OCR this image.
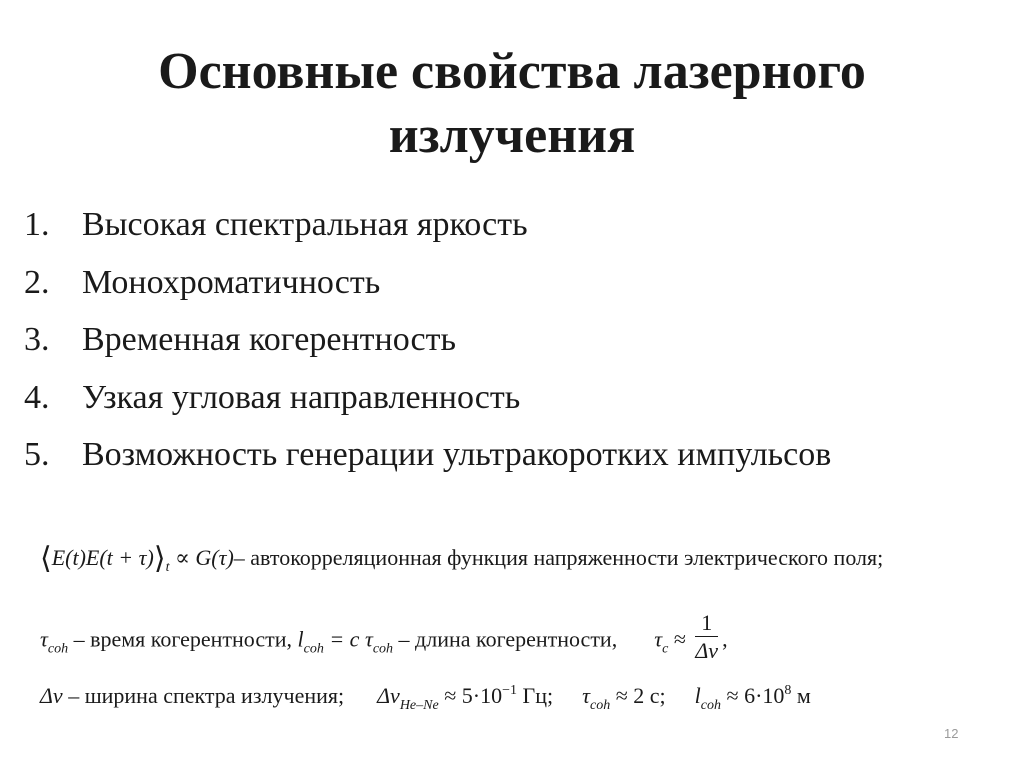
Основные свойства лазерного излучения
1. Высокая спектральная яркость
2. Монохроматичность
3. Временная когерентность
4. Узкая угловая направленность
5. Возможность генерации ультракоротких импульсов
⟨E(t)E(t + $\tau)⟩_t \propto G(\tau)-$ автокорреляционная функция напряженности электрического поля;
$\tau_{coh}$ – время когерентности, $l_{coh} = c$ $\tau_{coh}$ – длина когерентности, $\tau_c \approx \frac{1}{\Delta\nu}$ ,
Δν – ширина спектра излучения; $\Delta\nu_{He-Ne} \approx 5\cdot 10^{-1}$ Гц; $\tau_{coh} \approx 2$ c; $l_{coh} \approx 6\cdot 10^8$ м
12
